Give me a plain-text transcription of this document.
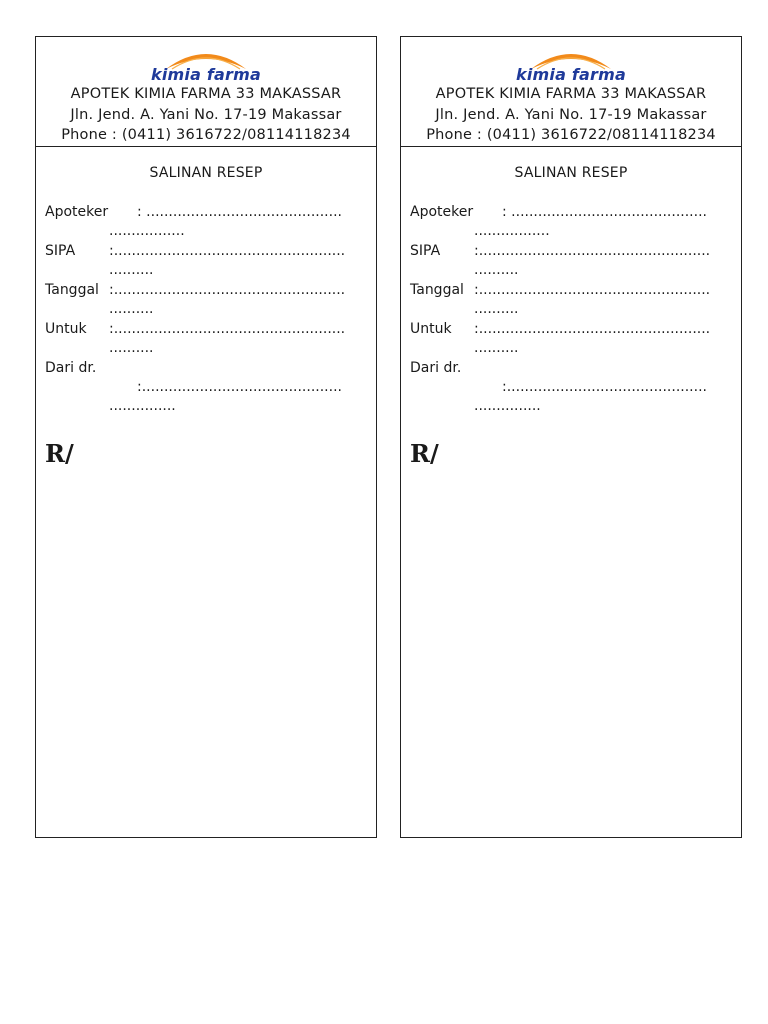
kimia farma
APOTEK KIMIA FARMA 33 MAKASSAR
Jln. Jend. A. Yani No. 17-19 Makassar
Phone : (0411) 3616722/08114118234
SALINAN RESEP
Apoteker : ............................................
.................
SIPA :....................................................
..........
Tanggal :....................................................
..........
Untuk :....................................................
..........
Dari dr.
:.............................................
...............
R/
kimia farma
APOTEK KIMIA FARMA 33 MAKASSAR
Jln. Jend. A. Yani No. 17-19 Makassar
Phone : (0411) 3616722/08114118234
SALINAN RESEP
Apoteker : ............................................
.................
SIPA :....................................................
..........
Tanggal :....................................................
..........
Untuk :....................................................
..........
Dari dr.
:.............................................
...............
R/
